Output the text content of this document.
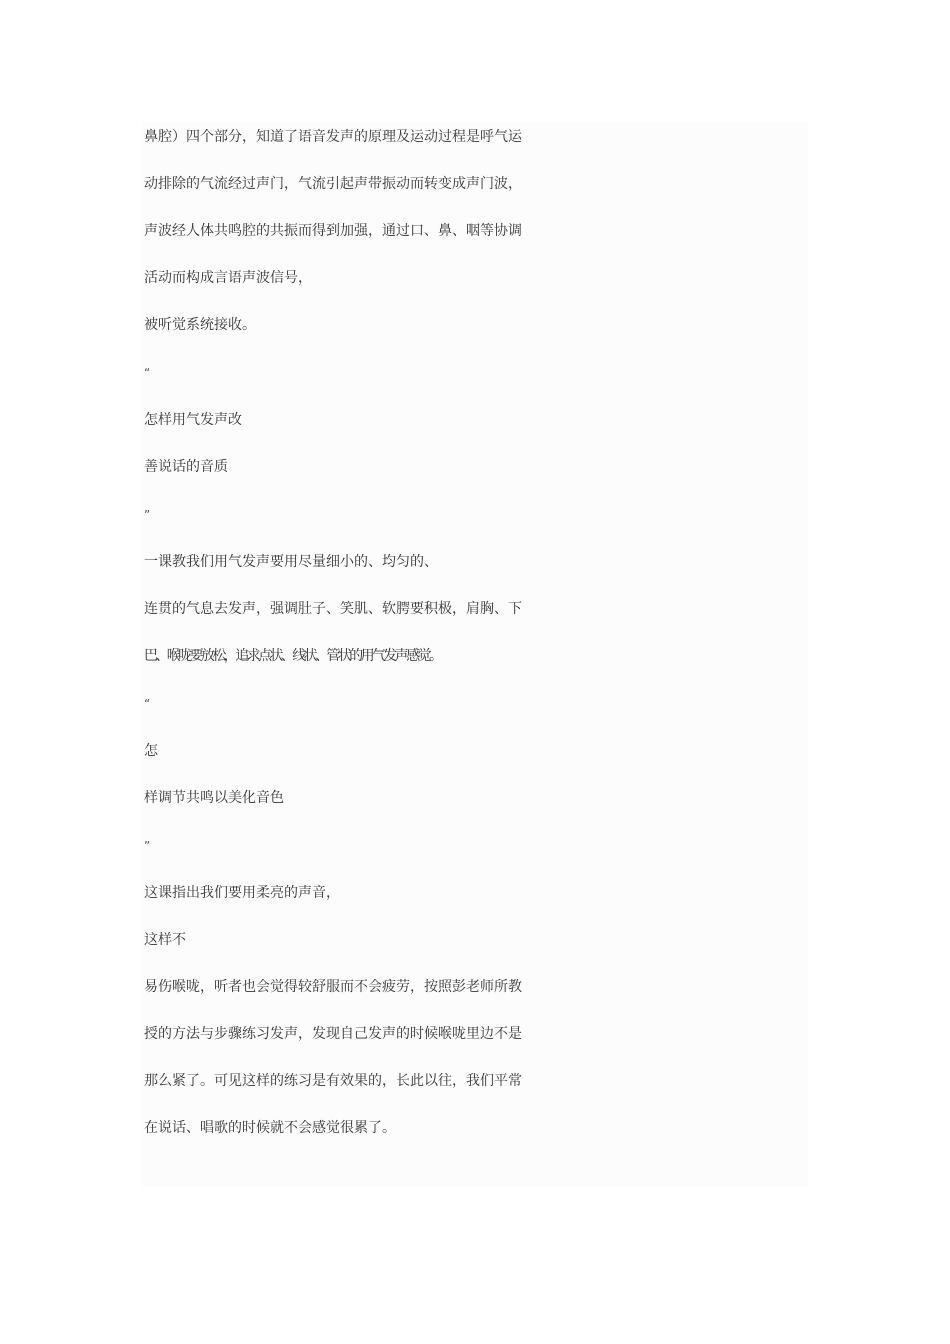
鼻腔）四个部分，知道了语音发声的原理及运动过程是呼气运
动排除的气流经过声门，气流引起声带振动而转变成声门波，
声波经人体共鸣腔的共振而得到加强，通过口、鼻、咽等协调
活动而构成言语声波信号，
被听觉系统接收。
“
怎样用气发声改
善说话的音质
”
一课教我们用气发声要用尽量细小的、均匀的、
连贯的气息去发声，强调肚子、笑肌、软腭要积极，肩胸、下
巴、喉咙要放松，追求点状、线状、管状的用气发声感觉。
“
怎
样调节共鸣以美化音色
”
这课指出我们要用柔亮的声音，
这样不
易伤喉咙，听者也会觉得较舒服而不会疲劳，按照彭老师所教
授的方法与步骤练习发声，发现自己发声的时候喉咙里边不是
那么紧了。可见这样的练习是有效果的，长此以往，我们平常
在说话、唱歌的时候就不会感觉很累了。
